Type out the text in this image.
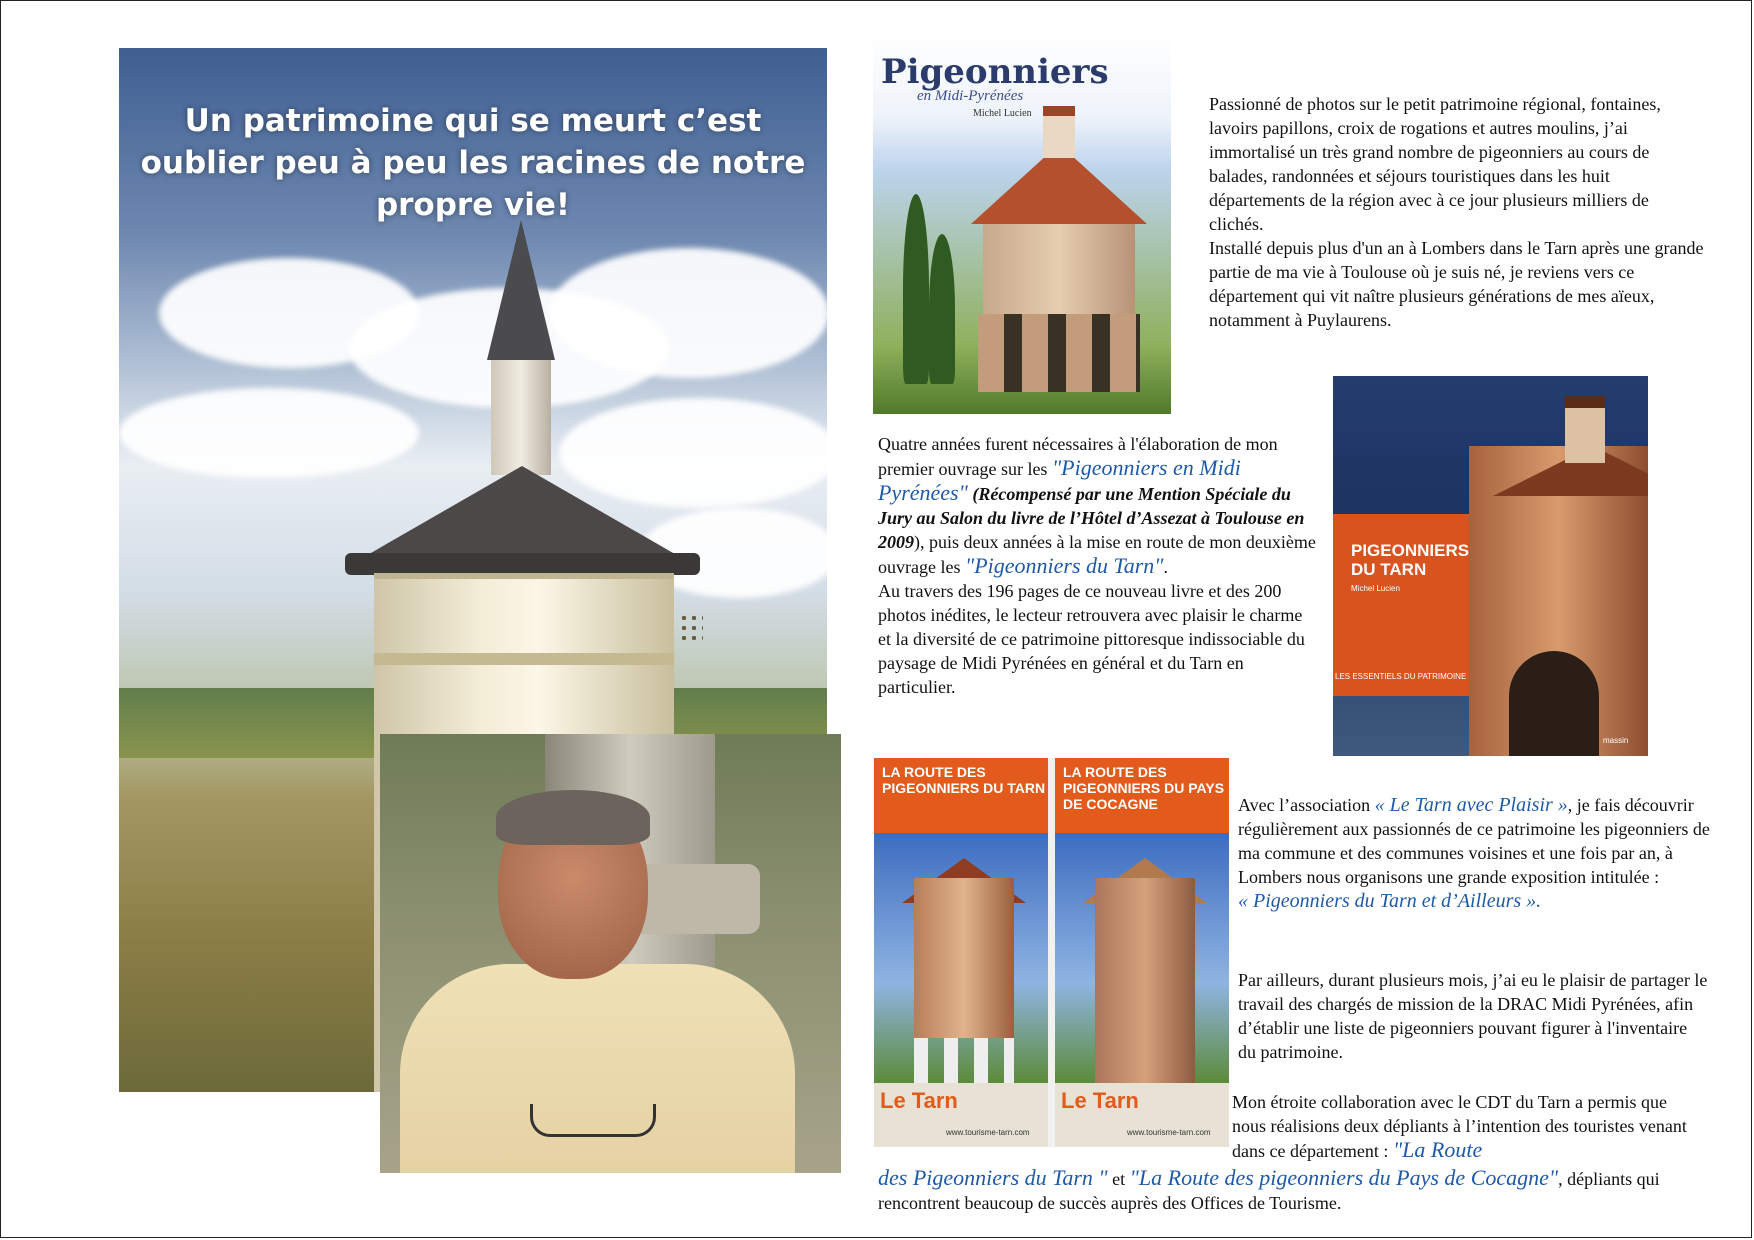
Un patrimoine qui se meurt c’est oublier peu à peu les racines de notre propre vie!
Pigeonniers
en Midi-Pyrénées
Michel Lucien
PIGEONNIERS DU TARN
Michel Lucien
LES ESSENTIELS DU PATRIMOINE
massin
LA ROUTE DES PIGEONNIERS DU TARN
Le Tarn
www.tourisme-tarn.com
LA ROUTE DES PIGEONNIERS DU PAYS DE COCAGNE
Le Tarn
www.tourisme-tarn.com
Passionné de photos sur le petit patrimoine régional, fontaines, lavoirs papillons, croix de rogations et autres moulins, j’ai immortalisé un très grand nombre de pigeonniers au cours de balades, randonnées et séjours touristiques dans les huit départements de la région avec à ce jour plusieurs milliers de clichés.
Installé depuis plus d'un an à Lombers dans le Tarn après une grande partie de ma vie à Toulouse où je suis né, je reviens vers ce département qui vit naître plusieurs générations de mes aïeux, notamment à Puylaurens.
Quatre années furent nécessaires à l'élaboration de mon premier ouvrage sur les "Pigeonniers en Midi Pyrénées" (Récompensé par une Mention Spéciale du Jury au Salon du livre de l’Hôtel d’Assezat à Toulouse en 2009), puis deux années à la mise en route de mon deuxième ouvrage les "Pigeonniers du Tarn".
Au travers des 196 pages de ce nouveau livre et des 200 photos inédites, le lecteur retrouvera avec plaisir le charme et la diversité de ce patrimoine pittoresque indissociable du paysage de Midi Pyrénées en général et du Tarn en particulier.
Avec l’association « Le Tarn avec Plaisir », je fais découvrir régulièrement aux passionnés de ce patrimoine les pigeonniers de ma commune et des communes voisines et une fois par an, à Lombers nous organisons une grande exposition intitulée :
« Pigeonniers du Tarn et d’Ailleurs ».
Par ailleurs, durant plusieurs mois, j’ai eu le plaisir de partager le travail des chargés de mission de la DRAC Midi Pyrénées, afin d’établir une liste de pigeonniers pouvant figurer à l'inventaire du patrimoine.
Mon étroite collaboration avec le CDT du Tarn a permis que nous réalisions deux dépliants à l’intention des touristes venant dans ce département : "La Route
des Pigeonniers du Tarn " et "La Route des pigeonniers du Pays de Cocagne", dépliants qui rencontrent beaucoup de succès auprès des Offices de Tourisme.
